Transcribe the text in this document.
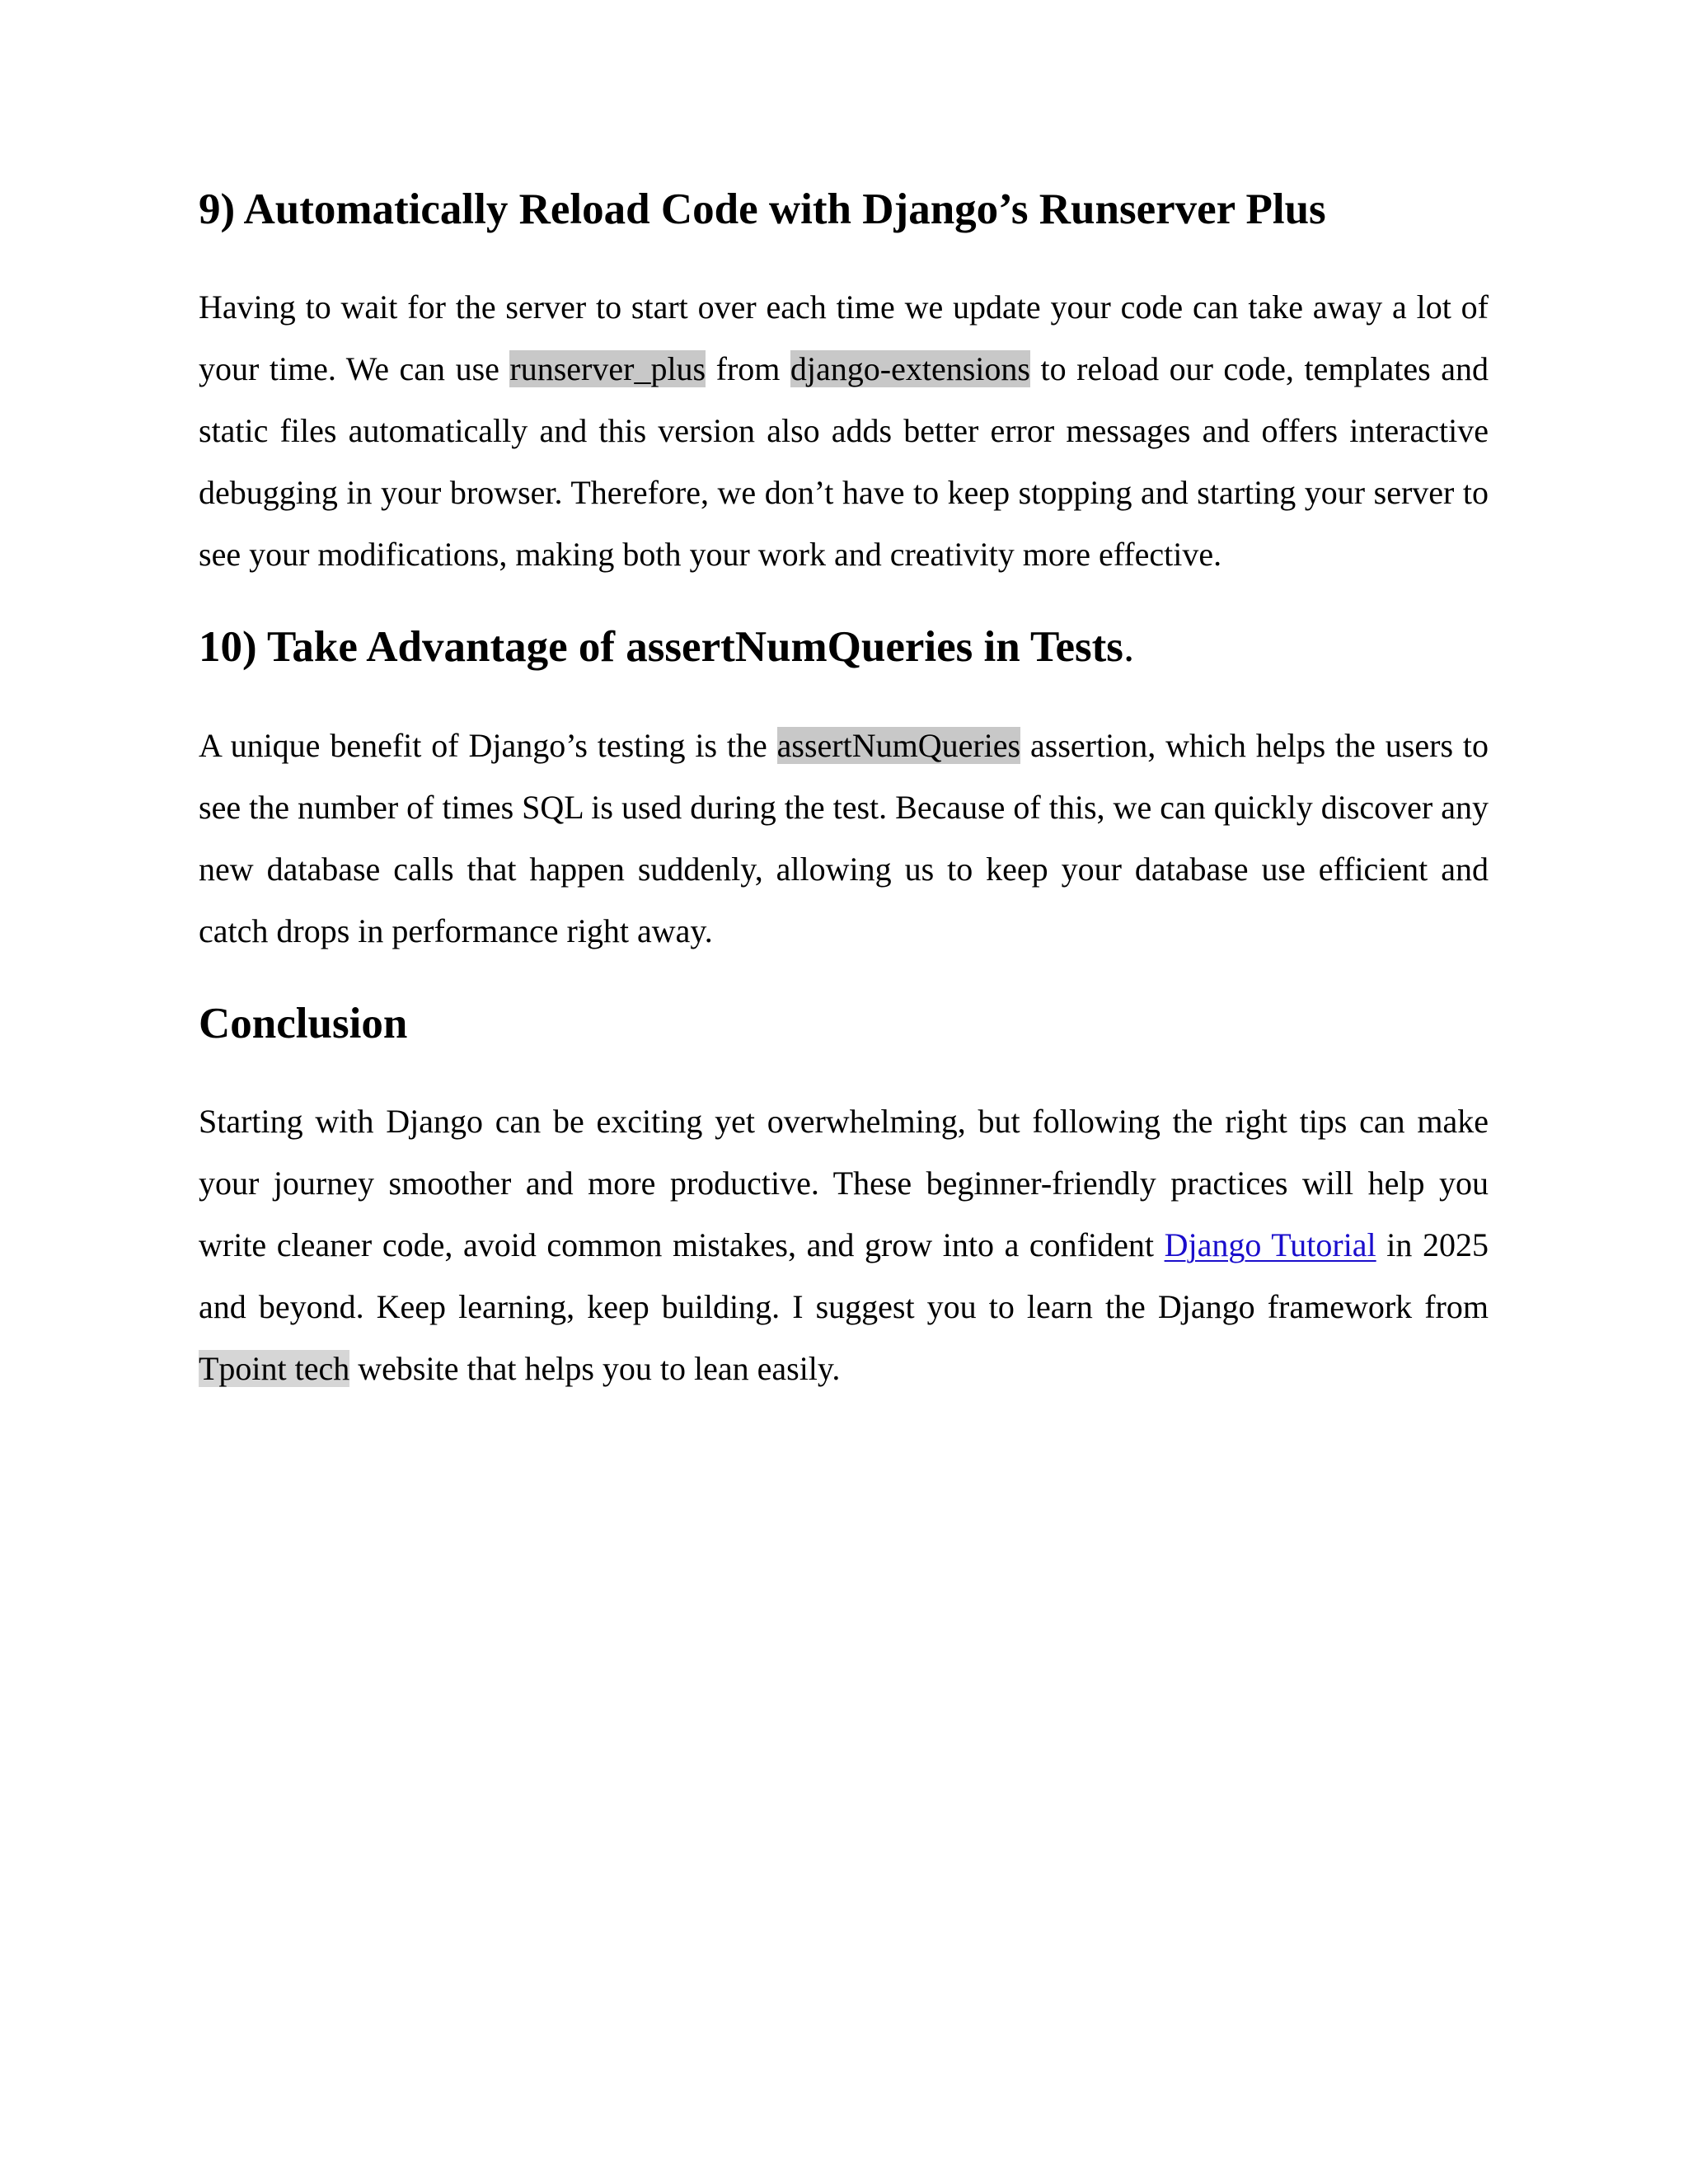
9) Automatically Reload Code with Django’s Runserver Plus

Having to wait for the server to start over each time we update your code can take away a lot of your time. We can use runserver_plus from django-extensions to reload our code, templates and static files automatically and this version also adds better error messages and offers interactive debugging in your browser. Therefore, we don’t have to keep stopping and starting your server to see your modifications, making both your work and creativity more effective.

10) Take Advantage of assertNumQueries in Tests.

A unique benefit of Django’s testing is the assertNumQueries assertion, which helps the users to see the number of times SQL is used during the test. Because of this, we can quickly discover any new database calls that happen suddenly, allowing us to keep your database use efficient and catch drops in performance right away.

Conclusion

Starting with Django can be exciting yet overwhelming, but following the right tips can make your journey smoother and more productive. These beginner-friendly practices will help you write cleaner code, avoid common mistakes, and grow into a confident Django Tutorial in 2025 and beyond. Keep learning, keep building. I suggest you to learn the Django framework from Tpoint tech website that helps you to lean easily.
